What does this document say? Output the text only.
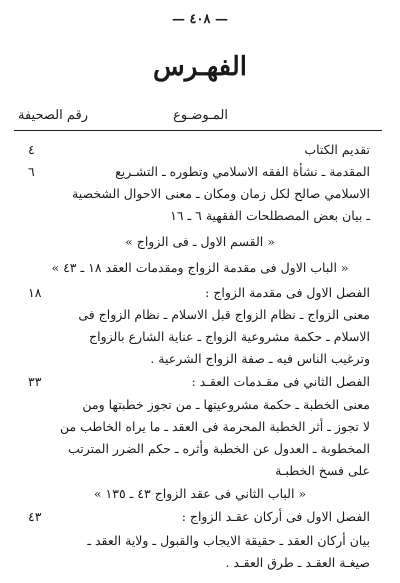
— ٤٠٨ —
الفهـرس
المـوضـوع
رقم الصحيفة
تقديم الكتاب
المقدمة ـ نشأة الفقه الاسلامي وتطوره ـ التشـريع
الاسلامي صالح لكل زمان ومكان ـ معنى الاحوال الشخصية
ـ بيان بعض المصطلحات الفقهية ٦ ـ ١٦
« القسم الاول ـ فى الزواج »
« الباب الاول فى مقدمة الزواج ومقدمات العقد ١٨ ـ ٤٣ »
الفصل الاول فى مقدمة الزواج :
معنى الزواج ـ نظام الزواج قبل الاسلام ـ نظام الزواج فى
الاسلام ـ حكمة مشروعية الزواج ـ عناية الشارع بالزواج
وترغيب الناس فيه ـ صفة الزواج الشرعية .
الفصل الثاني فى مقـدمات العقـد :
معنى الخطبة ـ حكمة مشروعيتها ـ من تجوز خطبتها ومن
لا تجوز ـ أثر الخطبة المحرمة فى العقد ـ ما يراه الخاطب من
المخطوبة ـ العدول عن الخطبة وأثره ـ حكم الضرر المترتب
على فسخ الخطبـة
« الباب الثاني فى عقد الزواج ٤٣ ـ ١٣٥ »
الفصل الاول فى أركان عقـد الزواج :
بيان أركان العقد ـ حقيقة الايجاب والقبول ـ ولاية العقد ـ
صيغـة العقـد ـ طرق العقـد .
٤
٦
١٨
٣٣
٤٣
